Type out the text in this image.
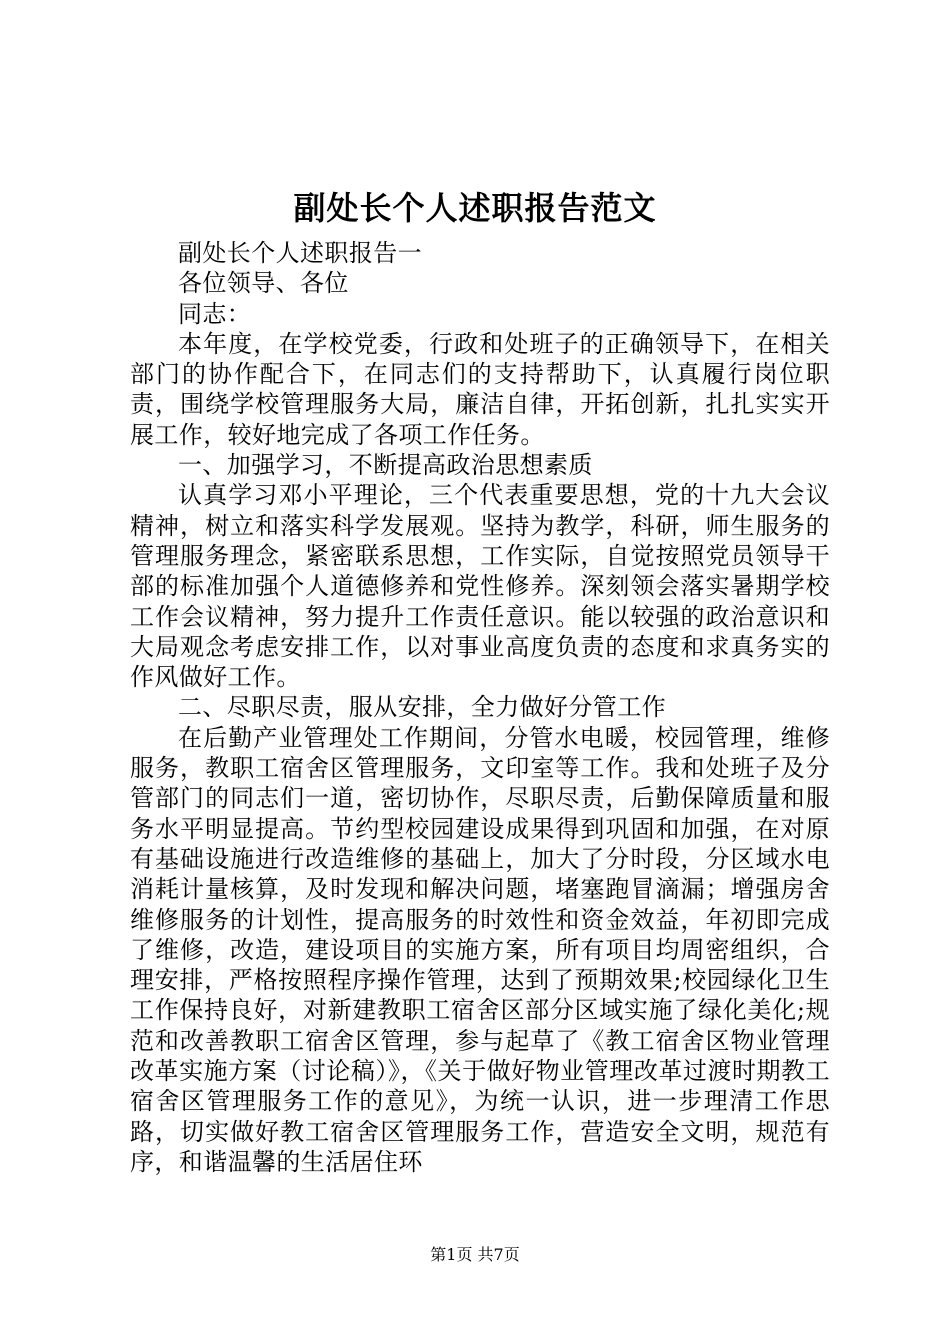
副处长个人述职报告范文

副处长个人述职报告一

各位领导、各位

同志：

本年度，在学校党委，行政和处班子的正确领导下，在相关部门的协作配合下，在同志们的支持帮助下，认真履行岗位职责，围绕学校管理服务大局，廉洁自律，开拓创新，扎扎实实开展工作，较好地完成了各项工作任务。

一、加强学习，不断提高政治思想素质

认真学习邓小平理论，三个代表重要思想，党的十九大会议精神，树立和落实科学发展观。坚持为教学，科研，师生服务的管理服务理念，紧密联系思想，工作实际，自觉按照党员领导干部的标准加强个人道德修养和党性修养。深刻领会落实暑期学校工作会议精神，努力提升工作责任意识。能以较强的政治意识和大局观念考虑安排工作，以对事业高度负责的态度和求真务实的作风做好工作。

二、尽职尽责，服从安排，全力做好分管工作

在后勤产业管理处工作期间，分管水电暖，校园管理，维修服务，教职工宿舍区管理服务，文印室等工作。我和处班子及分管部门的同志们一道，密切协作，尽职尽责，后勤保障质量和服务水平明显提高。节约型校园建设成果得到巩固和加强，在对原有基础设施进行改造维修的基础上，加大了分时段，分区域水电消耗计量核算，及时发现和解决问题，堵塞跑冒滴漏；增强房舍维修服务的计划性，提高服务的时效性和资金效益，年初即完成了维修，改造，建设项目的实施方案，所有项目均周密组织，合理安排，严格按照程序操作管理，达到了预期效果;校园绿化卫生工作保持良好，对新建教职工宿舍区部分区域实施了绿化美化;规范和改善教职工宿舍区管理，参与起草了《教工宿舍区物业管理改革实施方案（讨论稿）》，《关于做好物业管理改革过渡时期教工宿舍区管理服务工作的意见》，为统一认识，进一步理清工作思路，切实做好教工宿舍区管理服务工作，营造安全文明，规范有序，和谐温馨的生活居住环

第1页 共7页
